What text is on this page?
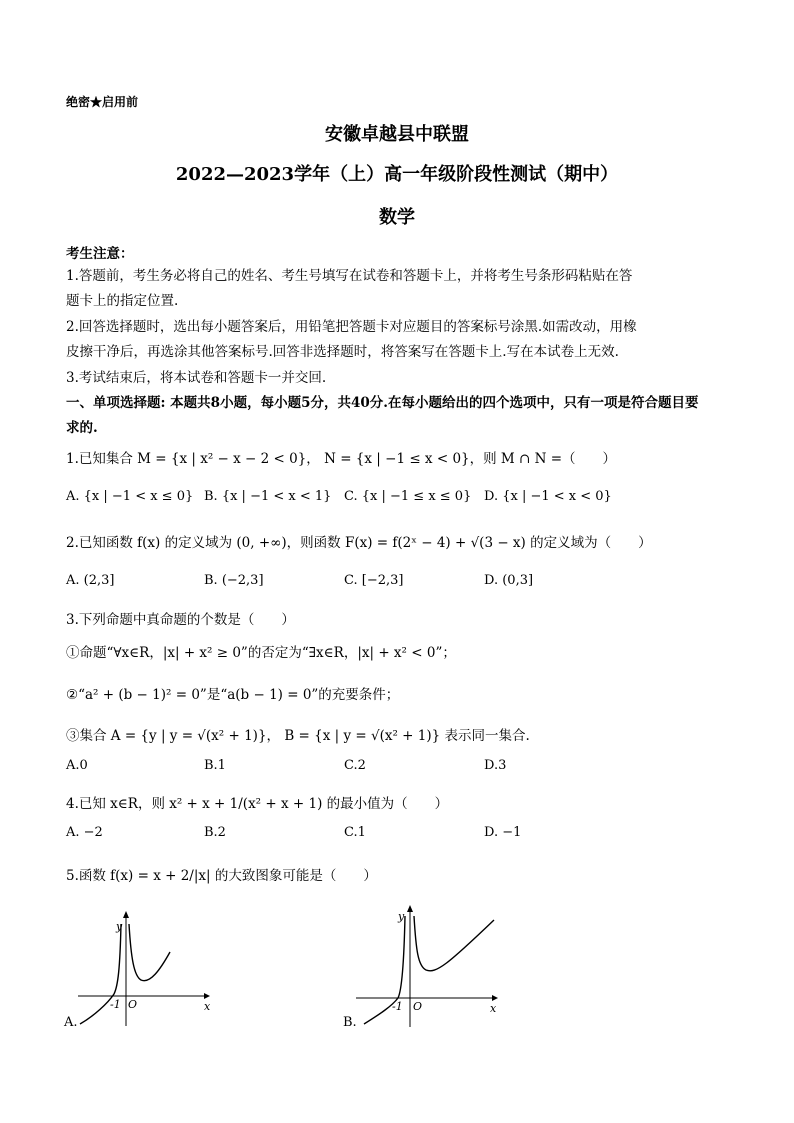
绝密★启用前
安徽卓越县中联盟
2022—2023学年（上）高一年级阶段性测试（期中）
数学
考生注意：
1.答题前，考生务必将自己的姓名、考生号填写在试卷和答题卡上，并将考生号条形码粘贴在答
题卡上的指定位置.
2.回答选择题时，选出每小题答案后，用铅笔把答题卡对应题目的答案标号涂黑.如需改动，用橡
皮擦干净后，再选涂其他答案标号.回答非选择题时，将答案写在答题卡上.写在本试卷上无效.
3.考试结束后，将本试卷和答题卡一并交回.
一、单项选择题: 本题共8小题，每小题5分，共40分.在每小题给出的四个选项中，只有一项是符合题目要
求的.
1.已知集合 M = {x | x² − x − 2 < 0}， N = {x | −1 ≤ x < 0}，则 M ∩ N =（　　）
A. {x | −1 < x ≤ 0} B. {x | −1 < x < 1} C. {x | −1 ≤ x ≤ 0} D. {x | −1 < x < 0}
2.已知函数 f(x) 的定义域为 (0, +∞)，则函数 F(x) = f(2ˣ − 4) + √(3 − x) 的定义域为（　　）
A. (2,3]	B. (−2,3]	C. [−2,3]	D. (0,3]
3.下列命题中真命题的个数是（　　）
①命题“∀x∈R，|x| + x² ≥ 0”的否定为“∃x∈R，|x| + x² < 0”；
②“a² + (b − 1)² = 0”是“a(b − 1) = 0”的充要条件；
③集合 A = {y | y = √(x² + 1)}， B = {x | y = √(x² + 1)} 表示同一集合.
A.0	B.1	C.2	D.3
4.已知 x∈R，则 x² + x + 1/(x² + x + 1) 的最小值为（　　）
A. −2	B.2	C.1	D. −1
5.函数 f(x) = x + 2/|x| 的大致图象可能是（　　）
y
x
O
-1
A.
y
x
O
-1
B.
